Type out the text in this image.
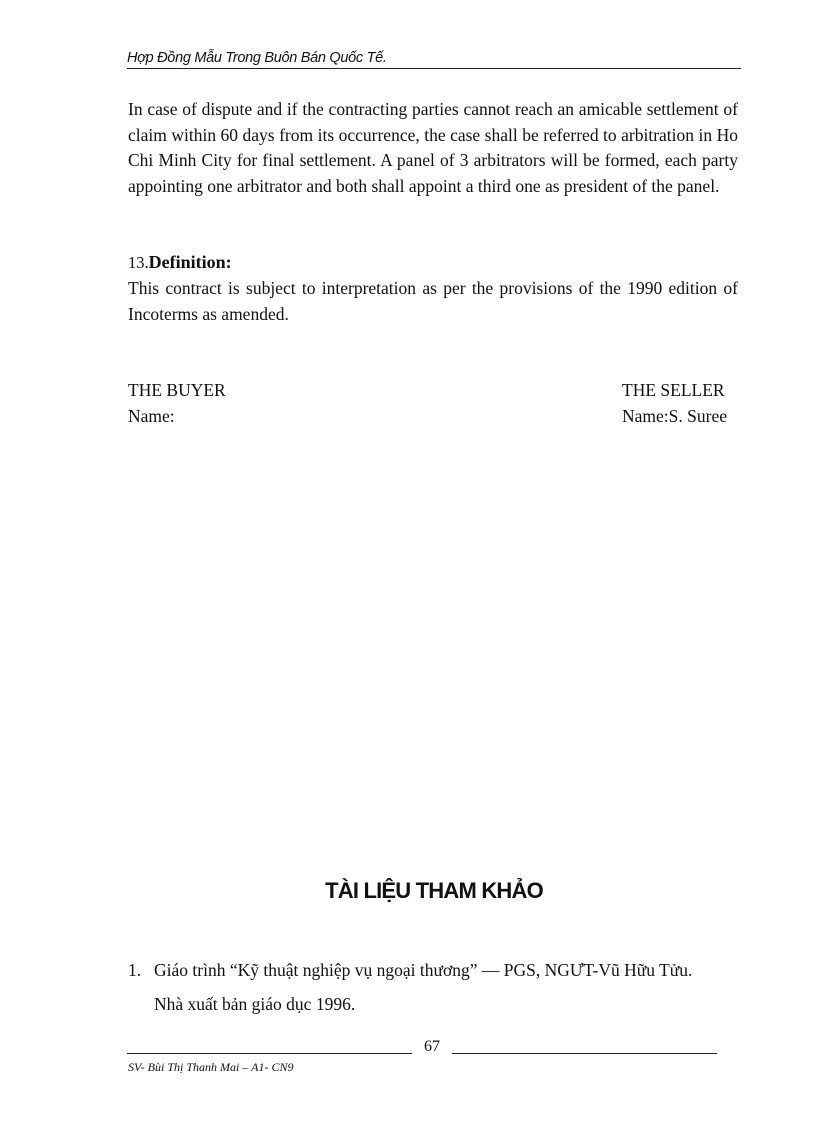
Hợp Đồng Mẫu Trong Buôn Bán Quốc Tế.
In case of dispute and if the contracting parties cannot reach an amicable settlement of claim within 60 days from its occurrence, the case shall be referred to arbitration in Ho Chi Minh City for final settlement. A panel of 3 arbitrators will be formed, each party appointing one arbitrator and both shall appoint a third one as president of the panel.
13.Definition:
This contract is subject to interpretation as per the provisions of the 1990 edition of Incoterms as amended.
THE BUYER
Name:
THE SELLER
Name:S. Suree
TÀI LIỆU THAM KHẢO
1. Giáo trình “Kỹ thuật nghiệp vụ ngoại thương” — PGS, NGƯT-Vũ Hữu Tửu.
Nhà xuất bản giáo dục 1996.
67
SV- Bùi Thị Thanh Mai – A1- CN9
